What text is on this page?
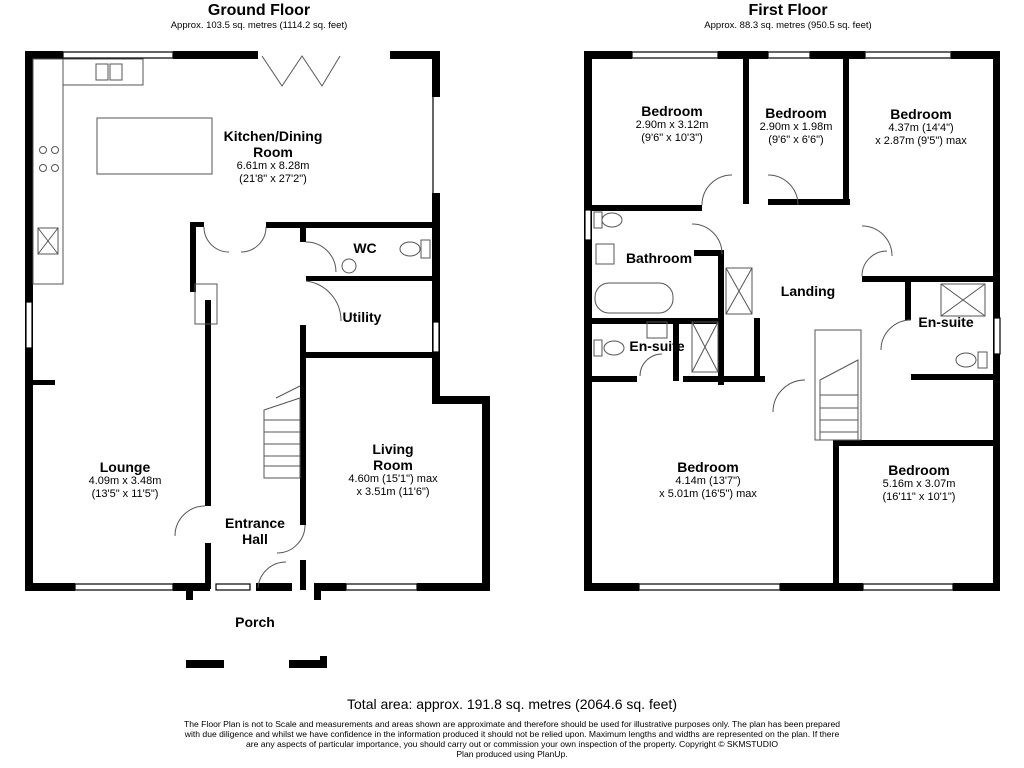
Ground Floor
Approx. 103.5 sq. metres (1114.2 sq. feet)
First Floor
Approx. 88.3 sq. metres (950.5 sq. feet)
Kitchen/Dining Room
6.61m x 8.28m
(21'8" x 27'2")
WC
Utility
Lounge
4.09m x 3.48m
(13'5" x 11'5")
Living Room
4.60m (15'1") max
x 3.51m (11'6")
Entrance Hall
Porch
Bedroom
2.90m x 3.12m
(9'6" x 10'3")
Bedroom
2.90m x 1.98m
(9'6" x 6'6")
Bedroom
4.37m (14'4")
x 2.87m (9'5") max
Bathroom
Landing
En-suite
En-suite
Bedroom
4.14m (13'7")
x 5.01m (16'5") max
Bedroom
5.16m x 3.07m
(16'11" x 10'1")
Total area: approx. 191.8 sq. metres (2064.6 sq. feet)
The Floor Plan is not to Scale and measurements and areas shown are approximate and therefore should be used for illustrative purposes only. The plan has been prepared
with due diligence and whilst we have confidence in the information produced it should not be relied upon. Maximum lengths and widths are represented on the plan. If there
are any aspects of particular importance, you should carry out or commission your own inspection of the property. Copyright © SKMSTUDIO
Plan produced using PlanUp.
